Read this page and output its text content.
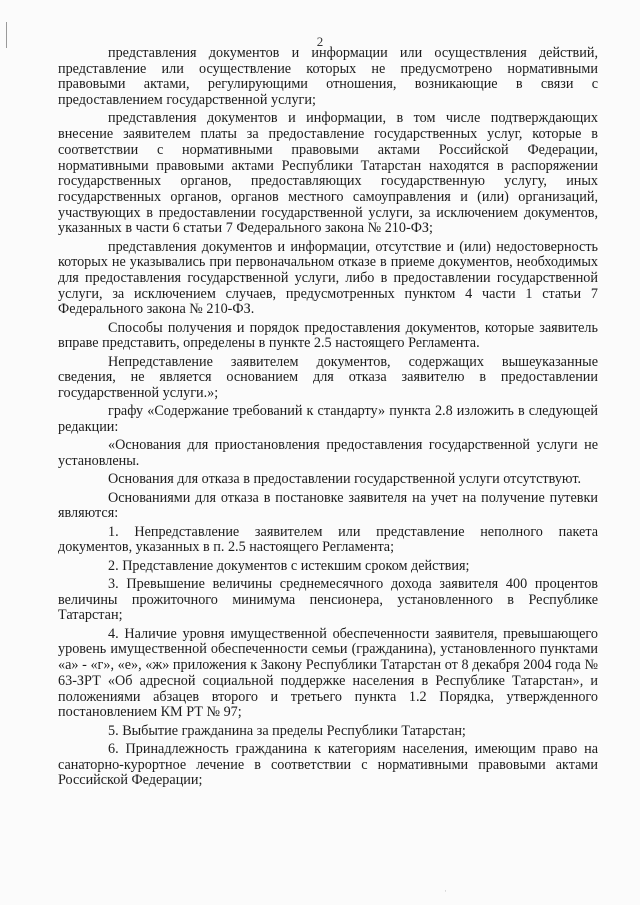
2

представления документов и информации или осуществления действий, представление или осуществление которых не предусмотрено нормативными правовыми актами, регулирующими отношения, возникающие в связи с предоставлением государственной услуги;

представления документов и информации, в том числе подтверждающих внесение заявителем платы за предоставление государственных услуг, которые в соответствии с нормативными правовыми актами Российской Федерации, нормативными правовыми актами Республики Татарстан находятся в распоряжении государственных органов, предоставляющих государственную услугу, иных государственных органов, органов местного самоуправления и (или) организаций, участвующих в предоставлении государственной услуги, за исключением документов, указанных в части 6 статьи 7 Федерального закона № 210-ФЗ;

представления документов и информации, отсутствие и (или) недостоверность которых не указывались при первоначальном отказе в приеме документов, необходимых для предоставления государственной услуги, либо в предоставлении государственной услуги, за исключением случаев, предусмотренных пунктом 4 части 1 статьи 7 Федерального закона № 210-ФЗ.

Способы получения и порядок предоставления документов, которые заявитель вправе представить, определены в пункте 2.5 настоящего Регламента.

Непредставление заявителем документов, содержащих вышеуказанные сведения, не является основанием для отказа заявителю в предоставлении государственной услуги.»;

графу «Содержание требований к стандарту» пункта 2.8 изложить в следующей редакции:

«Основания для приостановления предоставления государственной услуги не установлены.

Основания для отказа в предоставлении государственной услуги отсутствуют.

Основаниями для отказа в постановке заявителя на учет на получение путевки являются:

1. Непредставление заявителем или представление неполного пакета документов, указанных в п. 2.5 настоящего Регламента;

2. Представление документов с истекшим сроком действия;

3. Превышение величины среднемесячного дохода заявителя 400 процентов величины прожиточного минимума пенсионера, установленного в Республике Татарстан;

4. Наличие уровня имущественной обеспеченности заявителя, превышающего уровень имущественной обеспеченности семьи (гражданина), установленного пунктами «а» - «г», «е», «ж» приложения к Закону Республики Татарстан от 8 декабря 2004 года № 63-ЗРТ «Об адресной социальной поддержке населения в Республике Татарстан», и положениями абзацев второго и третьего пункта 1.2 Порядка, утвержденного постановлением КМ РТ № 97;

5. Выбытие гражданина за пределы Республики Татарстан;

6. Принадлежность гражданина к категориям населения, имеющим право на санаторно-курортное лечение в соответствии с нормативными правовыми актами Российской Федерации;

·
